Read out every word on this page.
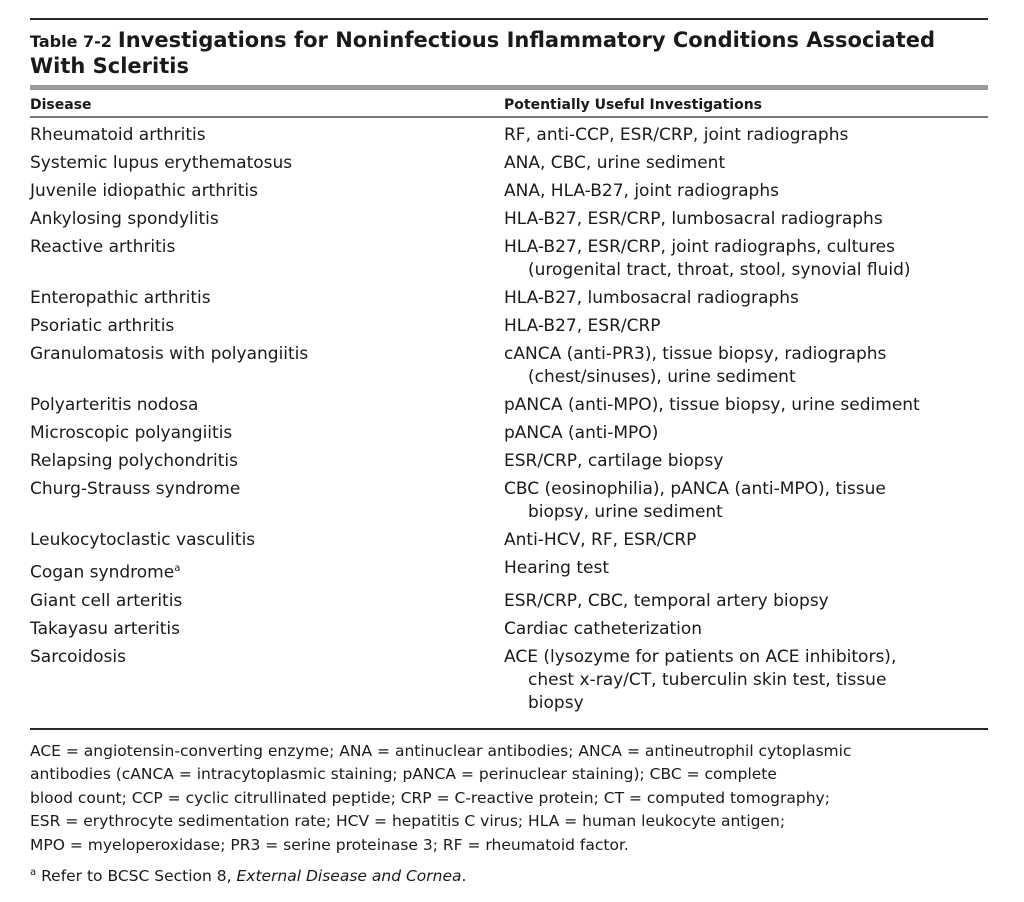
Table 7-2 Investigations for Noninfectious Inflammatory Conditions Associated
With Scleritis
Disease	Potentially Useful Investigations
Rheumatoid arthritis	RF, anti-CCP, ESR/CRP, joint radiographs
Systemic lupus erythematosus	ANA, CBC, urine sediment
Juvenile idiopathic arthritis	ANA, HLA-B27, joint radiographs
Ankylosing spondylitis	HLA-B27, ESR/CRP, lumbosacral radiographs
Reactive arthritis	HLA-B27, ESR/CRP, joint radiographs, cultures
(urogenital tract, throat, stool, synovial fluid)
Enteropathic arthritis	HLA-B27, lumbosacral radiographs
Psoriatic arthritis	HLA-B27, ESR/CRP
Granulomatosis with polyangiitis	cANCA (anti-PR3), tissue biopsy, radiographs
(chest/sinuses), urine sediment
Polyarteritis nodosa	pANCA (anti-MPO), tissue biopsy, urine sediment
Microscopic polyangiitis	pANCA (anti-MPO)
Relapsing polychondritis	ESR/CRP, cartilage biopsy
Churg-Strauss syndrome	CBC (eosinophilia), pANCA (anti-MPO), tissue
biopsy, urine sediment
Leukocytoclastic vasculitis	Anti-HCV, RF, ESR/CRP
Cogan syndrome$^a$	Hearing test
Giant cell arteritis	ESR/CRP, CBC, temporal artery biopsy
Takayasu arteritis	Cardiac catheterization
Sarcoidosis	ACE (lysozyme for patients on ACE inhibitors),
chest x-ray/CT, tuberculin skin test, tissue
biopsy

ACE = angiotensin-converting enzyme; ANA = antinuclear antibodies; ANCA = antineutrophil cytoplasmic

antibodies (cANCA = intracytoplasmic staining; pANCA = perinuclear staining); CBC = complete

blood count; CCP = cyclic citrullinated peptide; CRP = C-reactive protein; CT = computed tomography;

ESR = erythrocyte sedimentation rate; HCV = hepatitis C virus; HLA = human leukocyte antigen;

MPO = myeloperoxidase; PR3 = serine proteinase 3; RF = rheumatoid factor.

$^a$ Refer to BCSC Section 8, External Disease and Cornea.
